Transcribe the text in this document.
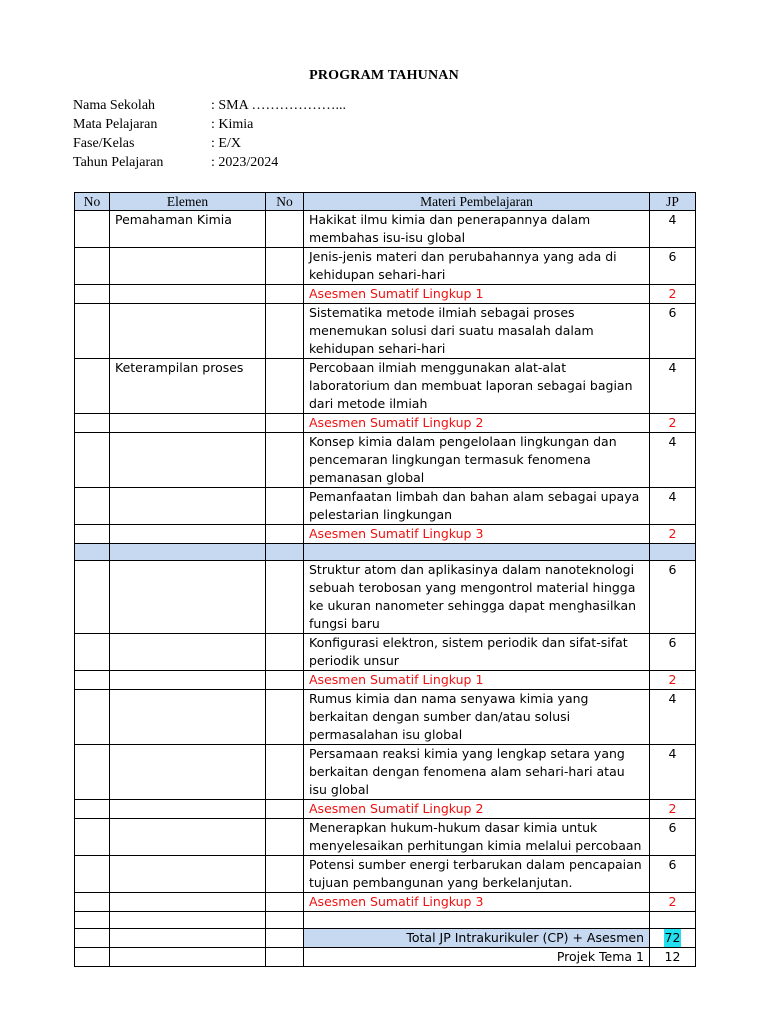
PROGRAM TAHUNAN
Nama Sekolah	: SMA ………………...
Mata Pelajaran	: Kimia
Fase/Kelas	: E/X
Tahun Pelajaran	: 2023/2024
No	Elemen	No	Materi Pembelajaran	JP
	Pemahaman Kimia		Hakikat ilmu kimia dan penerapannya dalam membahas isu-isu global	4
			Jenis-jenis materi dan perubahannya yang ada di kehidupan sehari-hari	6
			Asesmen Sumatif Lingkup 1	2
			Sistematika metode ilmiah sebagai proses menemukan solusi dari suatu masalah dalam kehidupan sehari-hari	6
	Keterampilan proses		Percobaan ilmiah menggunakan alat-alat laboratorium dan membuat laporan sebagai bagian dari metode ilmiah	4
			Asesmen Sumatif Lingkup 2	2
			Konsep kimia dalam pengelolaan lingkungan dan pencemaran lingkungan termasuk fenomena pemanasan global	4
			Pemanfaatan limbah dan bahan alam sebagai upaya pelestarian lingkungan	4
			Asesmen Sumatif Lingkup 3	2

			Struktur atom dan aplikasinya dalam nanoteknologi sebuah terobosan yang mengontrol material hingga ke ukuran nanometer sehingga dapat menghasilkan fungsi baru	6
			Konfigurasi elektron, sistem periodik dan sifat-sifat periodik unsur	6
			Asesmen Sumatif Lingkup 1	2
			Rumus kimia dan nama senyawa kimia yang berkaitan dengan sumber dan/atau solusi permasalahan isu global	4
			Persamaan reaksi kimia yang lengkap setara yang berkaitan dengan fenomena alam sehari-hari atau isu global	4
			Asesmen Sumatif Lingkup 2	2
			Menerapkan hukum-hukum dasar kimia untuk menyelesaikan perhitungan kimia melalui percobaan	6
			Potensi sumber energi terbarukan dalam pencapaian tujuan pembangunan yang berkelanjutan.	6
			Asesmen Sumatif Lingkup 3	2

			Total JP Intrakurikuler (CP) + Asesmen	72
			Projek Tema 1	12
